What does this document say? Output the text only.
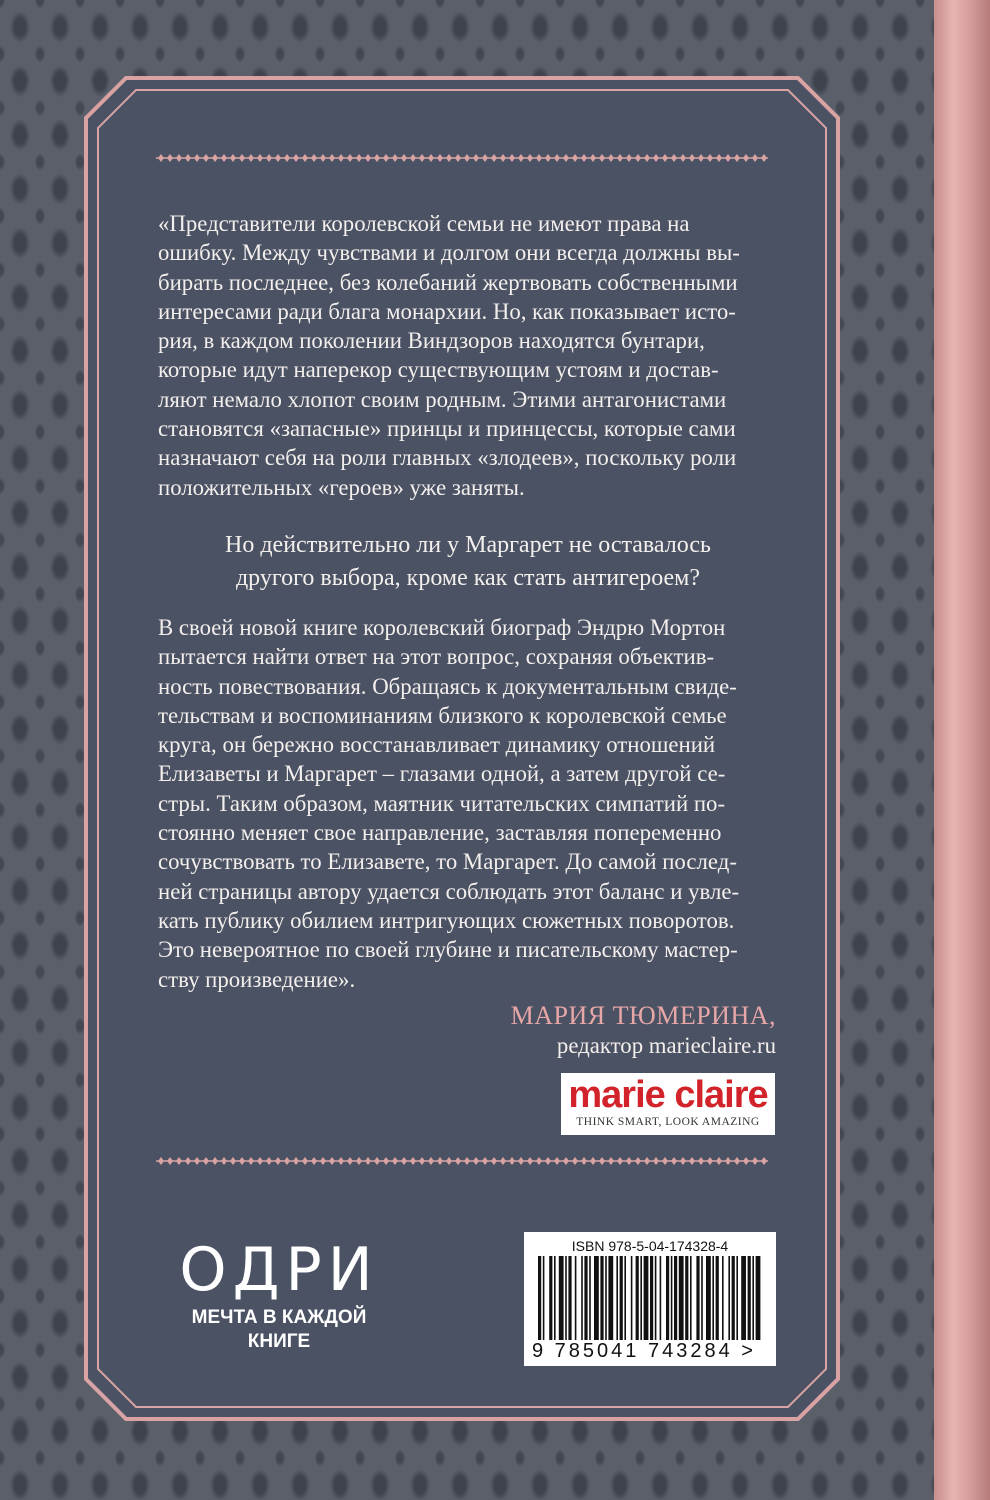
«Представители королевской семьи не имеют права на

ошибку. Между чувствами и долгом они всегда должны вы-

бирать последнее, без колебаний жертвовать собственными

интересами ради блага монархии. Но, как показывает исто-

рия, в каждом поколении Виндзоров находятся бунтари,

которые идут наперекор существующим устоям и достав-

ляют немало хлопот своим родным. Этими антагонистами

становятся «запасные» принцы и принцессы, которые сами

назначают себя на роли главных «злодеев», поскольку роли

положительных «героев» уже заняты.

Но действительно ли у Маргарет не оставалось
другого выбора, кроме как стать антигероем?

В своей новой книге королевский биограф Эндрю Мортон

пытается найти ответ на этот вопрос, сохраняя объектив-

ность повествования. Обращаясь к документальным свиде-

тельствам и воспоминаниям близкого к королевской семье

круга, он бережно восстанавливает динамику отношений

Елизаветы и Маргарет – глазами одной, а затем другой се-

стры. Таким образом, маятник читательских симпатий по-

стоянно меняет свое направление, заставляя попеременно

сочувствовать то Елизавете, то Маргарет. До самой послед-

ней страницы автору удается соблюдать этот баланс и увле-

кать публику обилием интригующих сюжетных поворотов.

Это невероятное по своей глубине и писательскому мастер-

ству произведение».

МАРИЯ ТЮМЕРИНА,
редактор marieclaire.ru
marie claire
THINK SMART, LOOK AMAZING
ОДРИ
МЕЧТА В КАЖДОЙ
КНИГЕ
ISBN 978-5-04-174328-4
9 785041 743284 >
